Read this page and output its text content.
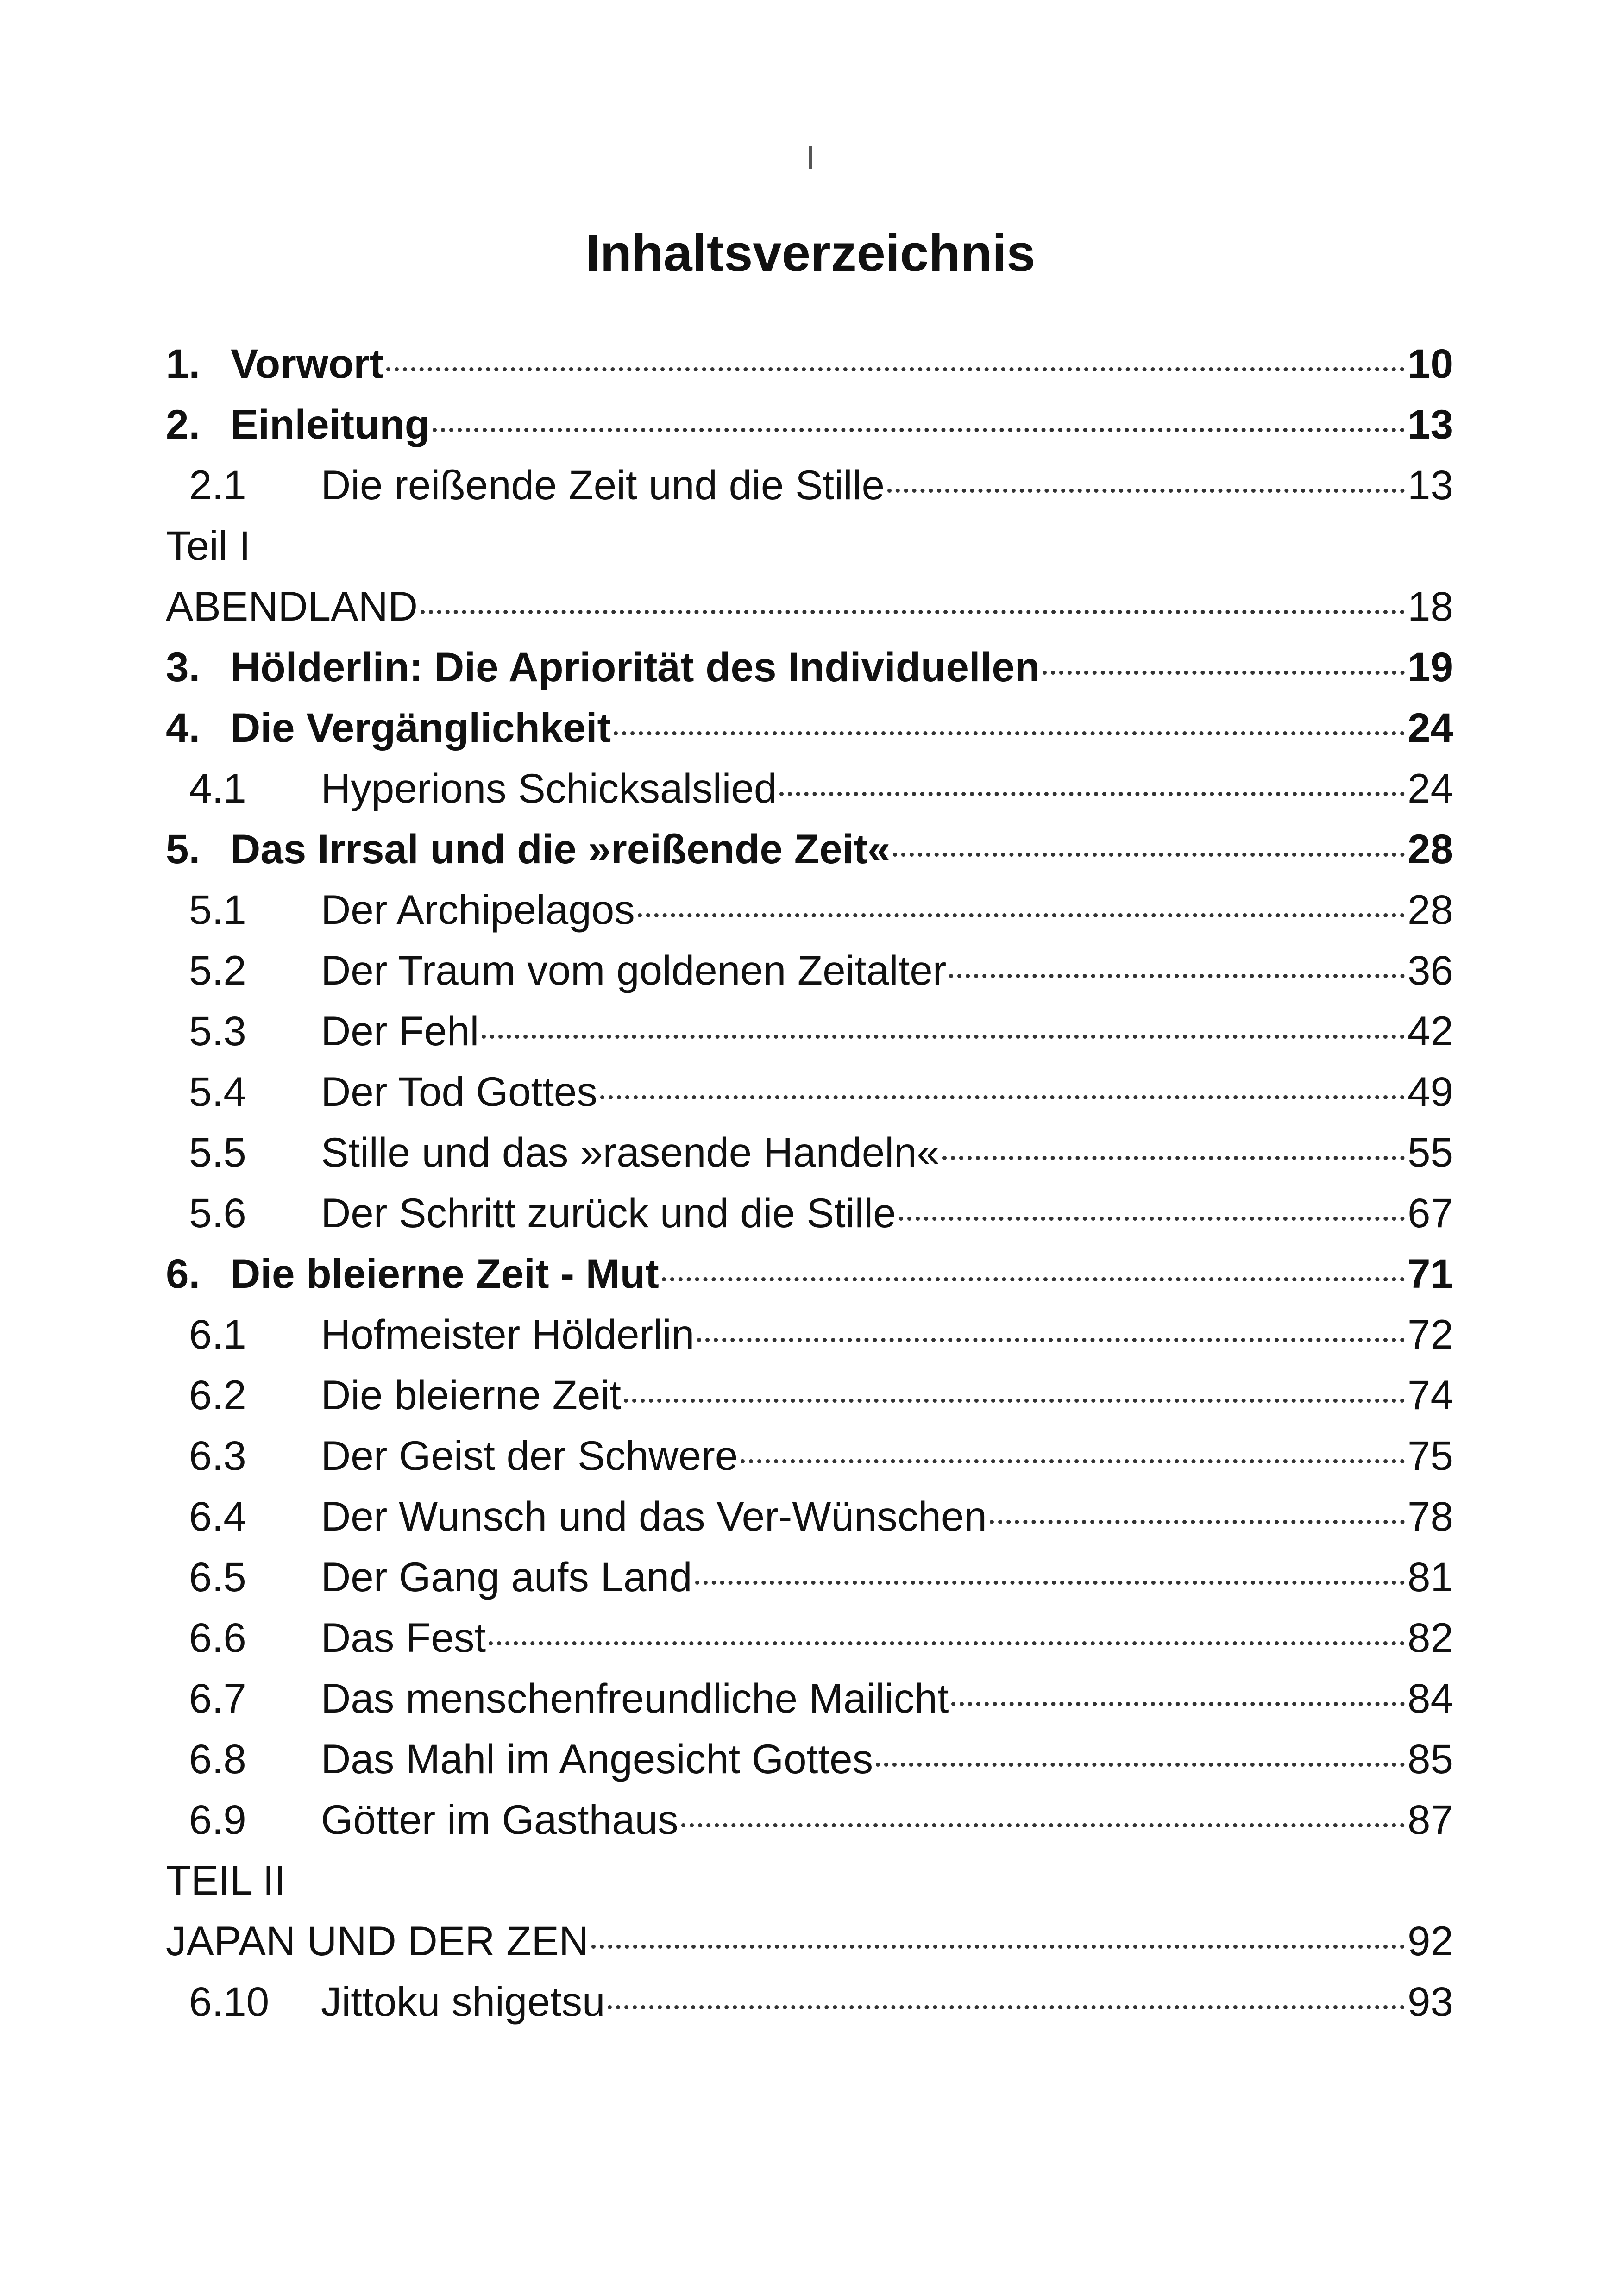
I
Inhaltsverzeichnis
1. Vorwort	10
2. Einleitung	13
2.1	Die reißende Zeit und die Stille	13
Teil I
ABENDLAND	18
3. Hölderlin: Die Apriorität des Individuellen	19
4. Die Vergänglichkeit	24
4.1	Hyperions Schicksalslied	24
5. Das Irrsal und die »reißende Zeit«	28
5.1	Der Archipelagos	28
5.2	Der Traum vom goldenen Zeitalter	36
5.3	Der Fehl	42
5.4	Der Tod Gottes	49
5.5	Stille und das »rasende Handeln«	55
5.6	Der Schritt zurück und die Stille	67
6. Die bleierne Zeit - Mut	71
6.1	Hofmeister Hölderlin	72
6.2	Die bleierne Zeit	74
6.3	Der Geist der Schwere	75
6.4	Der Wunsch und das Ver-Wünschen	78
6.5	Der Gang aufs Land	81
6.6	Das Fest	82
6.7	Das menschenfreundliche Mailicht	84
6.8	Das Mahl im Angesicht Gottes	85
6.9	Götter im Gasthaus	87
TEIL II
JAPAN UND DER ZEN	92
6.10	Jittoku shigetsu	93
